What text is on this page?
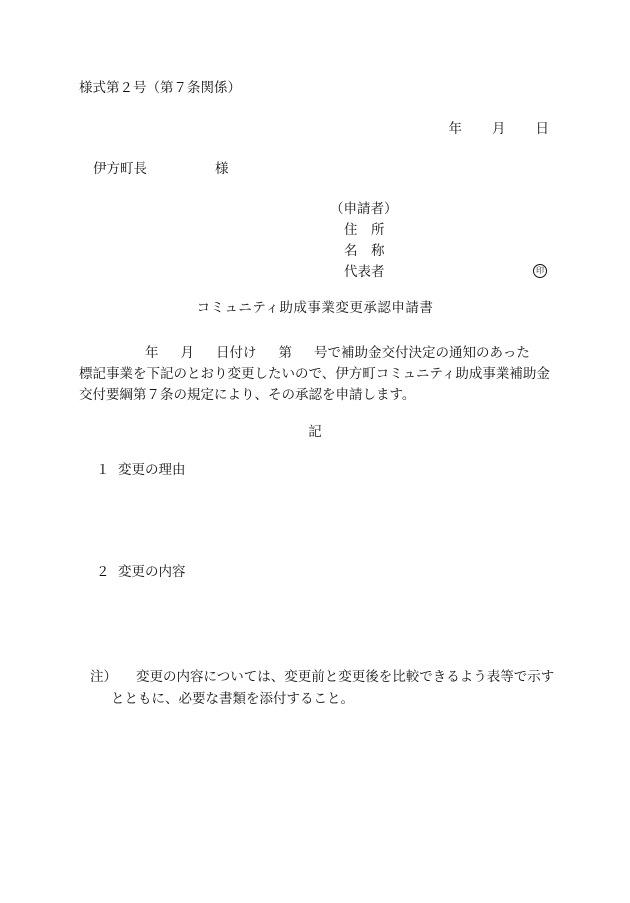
様式第２号（第７条関係）
年 月 日
伊方町長	様
（申請者）
住　所
名　称
代表者	印
コミュニティ助成事業変更承認申請書
年 月 日付け 第 号で補助金交付決定の通知のあった
標記事業を下記のとおり変更したいので、伊方町コミュニティ助成事業補助金
交付要綱第７条の規定により、その承認を申請します。
記
１ 変更の理由
２ 変更の内容
注） 変更の内容については、変更前と変更後を比較できるよう表等で示す
とともに、必要な書類を添付すること。
